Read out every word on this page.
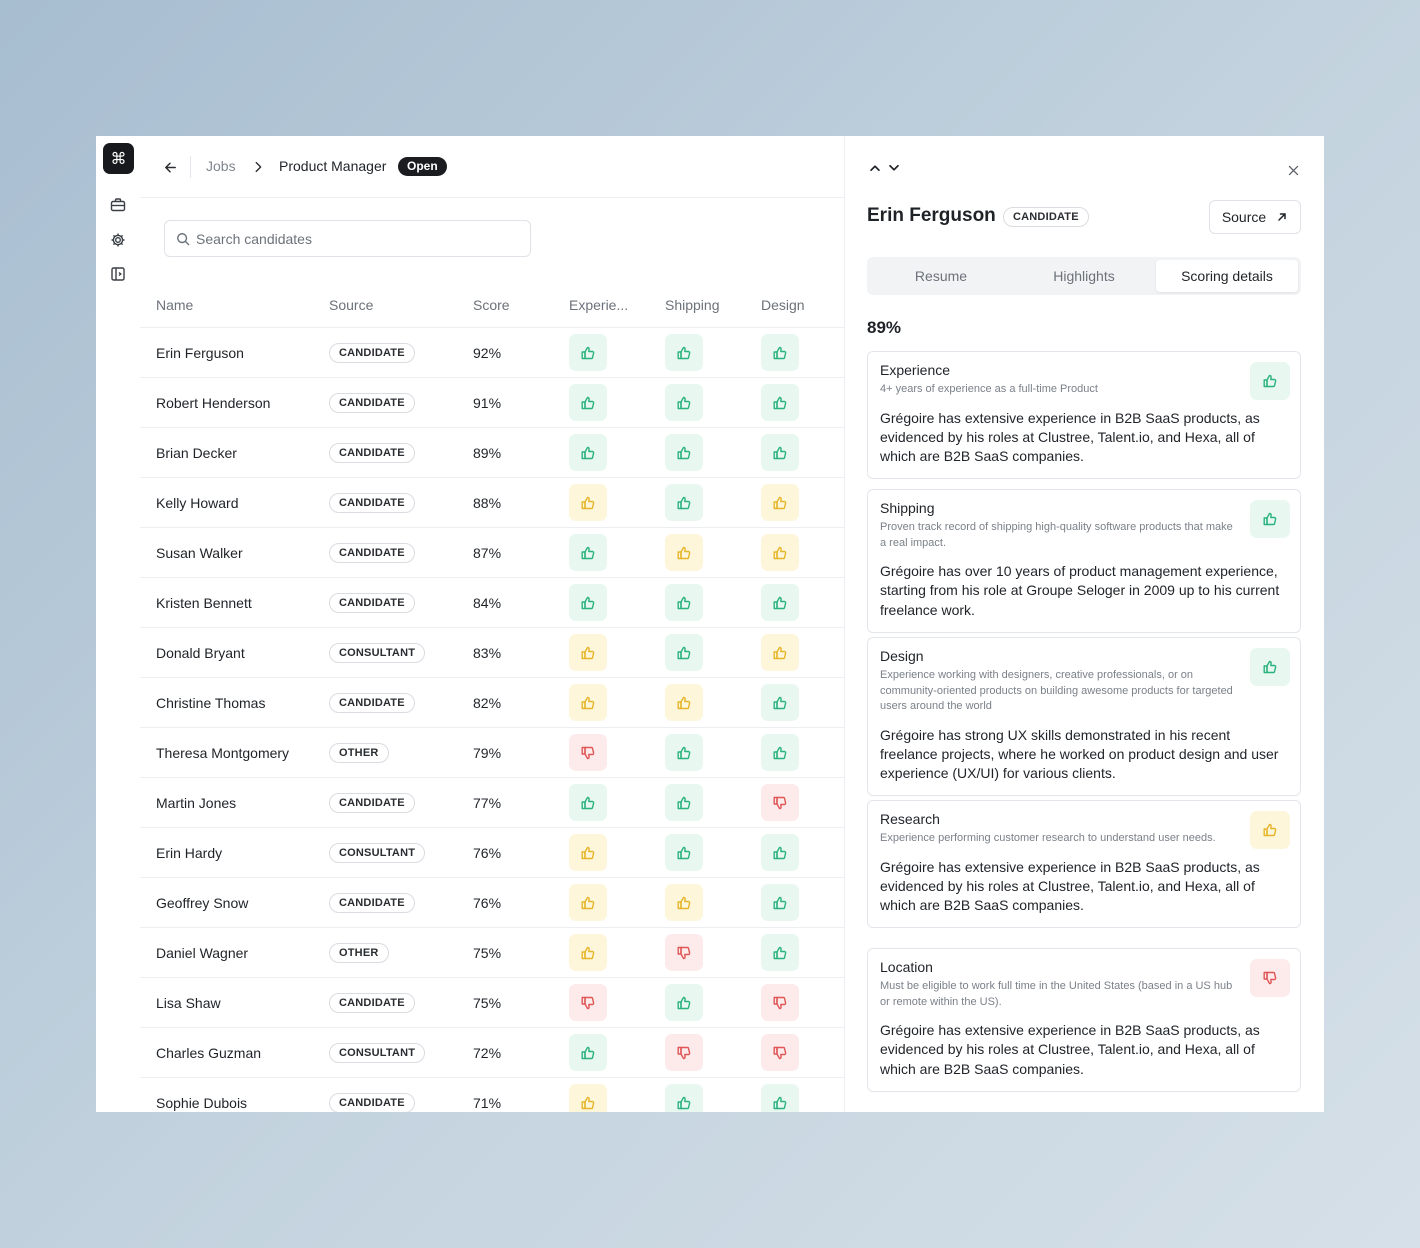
⌘	Jobs	Product Manager	Open
Search candidates
Name	Source	Score	Experie...	Shipping	Design
Erin Ferguson	CANDIDATE	92%
Robert Henderson	CANDIDATE	91%
Brian Decker	CANDIDATE	89%
Kelly Howard	CANDIDATE	88%
Susan Walker	CANDIDATE	87%
Kristen Bennett	CANDIDATE	84%
Donald Bryant	CONSULTANT	83%
Christine Thomas	CANDIDATE	82%
Theresa Montgomery	OTHER	79%
Martin Jones	CANDIDATE	77%
Erin Hardy	CONSULTANT	76%
Geoffrey Snow	CANDIDATE	76%
Daniel Wagner	OTHER	75%
Lisa Shaw	CANDIDATE	75%
Charles Guzman	CONSULTANT	72%
Sophie Dubois	CANDIDATE	71%
Erin Ferguson	CANDIDATE	Source
Resume	Highlights	Scoring details
89%
Experience
4+ years of experience as a full-time Product
Grégoire has extensive experience in B2B SaaS products, as evidenced by his roles at Clustree, Talent.io, and Hexa, all of which are B2B SaaS companies.
Shipping
Proven track record of shipping high-quality software products that make a real impact.
Grégoire has over 10 years of product management experience, starting from his role at Groupe Seloger in 2009 up to his current freelance work.
Design
Experience working with designers, creative professionals, or on community-oriented products on building awesome products for targeted users around the world
Grégoire has strong UX skills demonstrated in his recent freelance projects, where he worked on product design and user experience (UX/UI) for various clients.
Research
Experience performing customer research to understand user needs.
Grégoire has extensive experience in B2B SaaS products, as evidenced by his roles at Clustree, Talent.io, and Hexa, all of which are B2B SaaS companies.
Location
Must be eligible to work full time in the United States (based in a US hub or remote within the US).
Grégoire has extensive experience in B2B SaaS products, as evidenced by his roles at Clustree, Talent.io, and Hexa, all of which are B2B SaaS companies.
